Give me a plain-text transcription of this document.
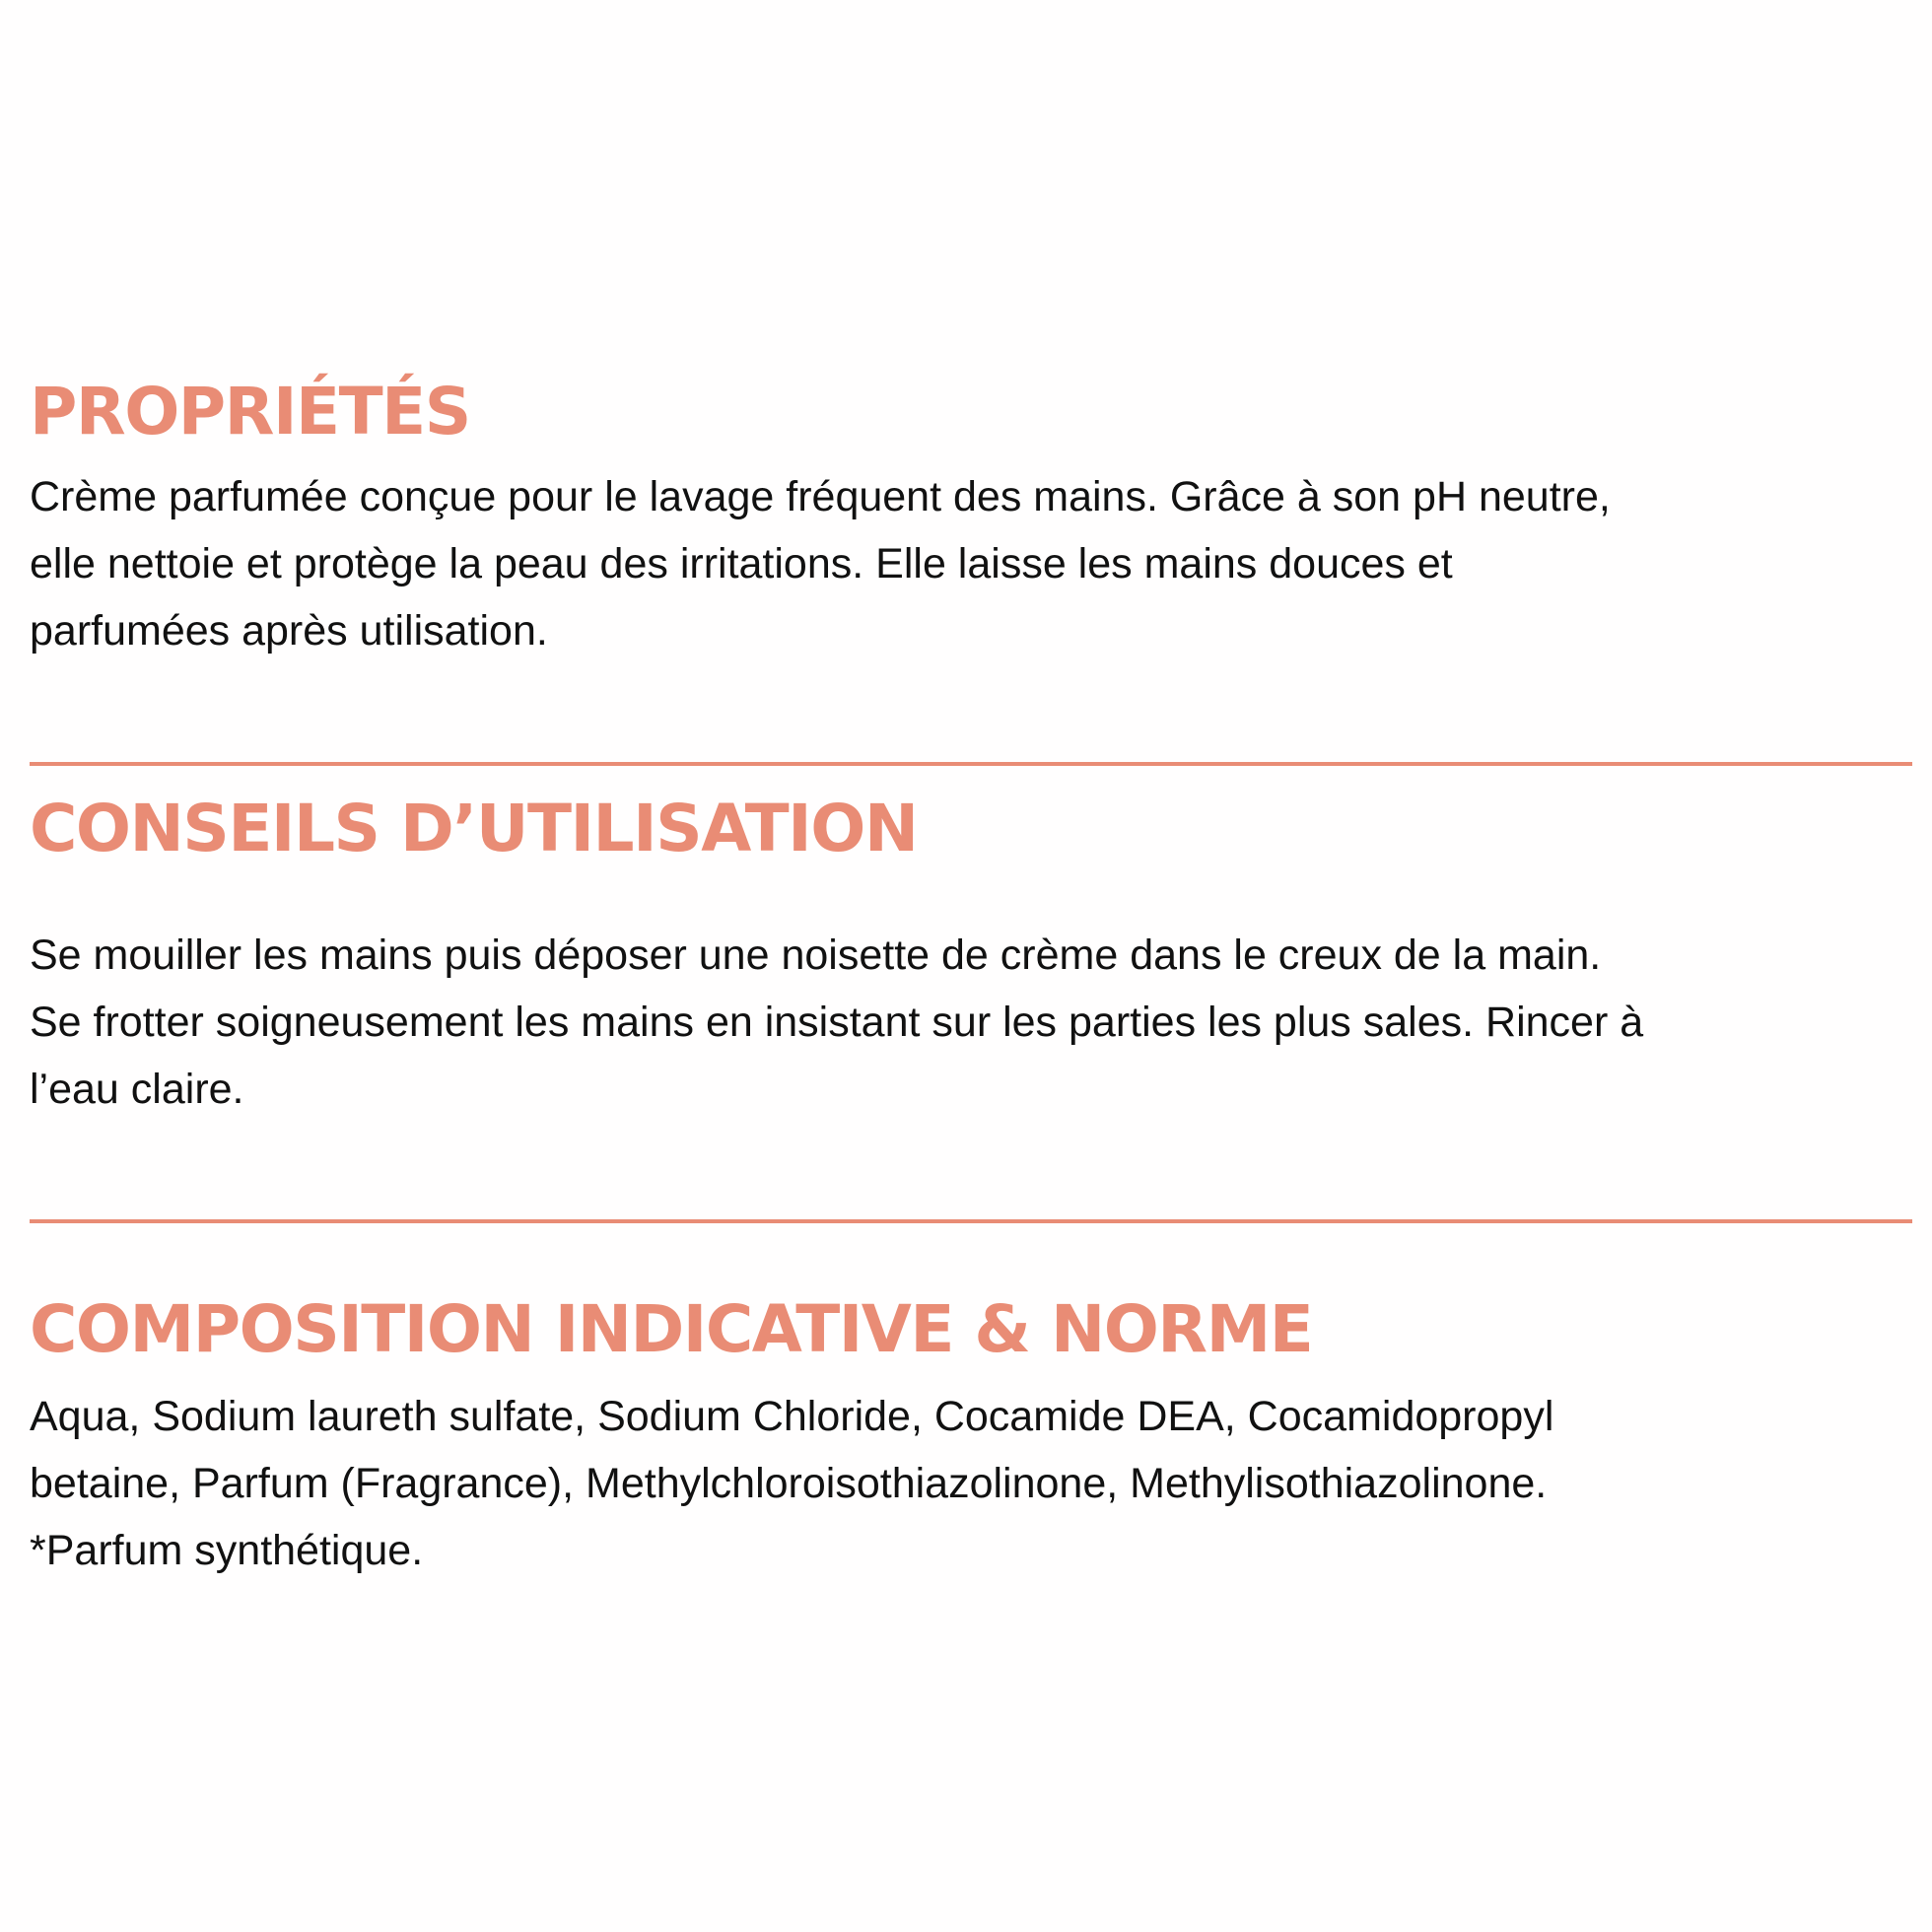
PROPRIÉTÉS

Crème parfumée conçue pour le lavage fréquent des mains. Grâce à son pH neutre,
elle nettoie et protège la peau des irritations. Elle laisse les mains douces et
parfumées après utilisation.

CONSEILS D’UTILISATION

Se mouiller les mains puis déposer une noisette de crème dans le creux de la main.
Se frotter soigneusement les mains en insistant sur les parties les plus sales. Rincer à
l’eau claire.

COMPOSITION INDICATIVE & NORME

Aqua, Sodium laureth sulfate, Sodium Chloride, Cocamide DEA, Cocamidopropyl
betaine, Parfum (Fragrance), Methylchloroisothiazolinone, Methylisothiazolinone.
*Parfum synthétique.
